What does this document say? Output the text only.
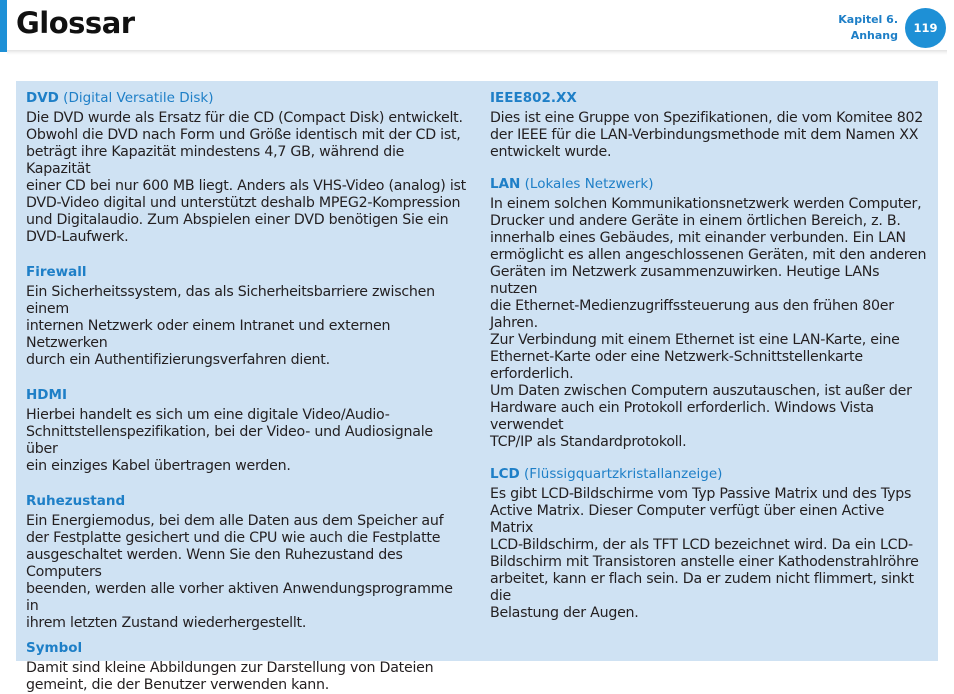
Glossar	Kapitel 6.
Anhang
119
DVD (Digital Versatile Disk)
Die DVD wurde als Ersatz für die CD (Compact Disk) entwickelt.
Obwohl die DVD nach Form und Größe identisch mit der CD ist,
beträgt ihre Kapazität mindestens 4,7 GB, während die Kapazität
einer CD bei nur 600 MB liegt. Anders als VHS-Video (analog) ist
DVD-Video digital und unterstützt deshalb MPEG2-Kompression
und Digitalaudio. Zum Abspielen einer DVD benötigen Sie ein
DVD-Laufwerk.
Firewall
Ein Sicherheitssystem, das als Sicherheitsbarriere zwischen einem
internen Netzwerk oder einem Intranet und externen Netzwerken
durch ein Authentifizierungsverfahren dient.
HDMI
Hierbei handelt es sich um eine digitale Video/Audio-
Schnittstellenspezifikation, bei der Video- und Audiosignale über
ein einziges Kabel übertragen werden.
Ruhezustand
Ein Energiemodus, bei dem alle Daten aus dem Speicher auf
der Festplatte gesichert und die CPU wie auch die Festplatte
ausgeschaltet werden. Wenn Sie den Ruhezustand des Computers
beenden, werden alle vorher aktiven Anwendungsprogramme in
ihrem letzten Zustand wiederhergestellt.
Symbol
Damit sind kleine Abbildungen zur Darstellung von Dateien
gemeint, die der Benutzer verwenden kann.
IEEE802.XX
Dies ist eine Gruppe von Spezifikationen, die vom Komitee 802
der IEEE für die LAN-Verbindungsmethode mit dem Namen XX
entwickelt wurde.
LAN (Lokales Netzwerk)
In einem solchen Kommunikationsnetzwerk werden Computer,
Drucker und andere Geräte in einem örtlichen Bereich, z. B.
innerhalb eines Gebäudes, mit einander verbunden. Ein LAN
ermöglicht es allen angeschlossenen Geräten, mit den anderen
Geräten im Netzwerk zusammenzuwirken. Heutige LANs nutzen
die Ethernet-Medienzugriffssteuerung aus den frühen 80er Jahren.
Zur Verbindung mit einem Ethernet ist eine LAN-Karte, eine
Ethernet-Karte oder eine Netzwerk-Schnittstellenkarte erforderlich.
Um Daten zwischen Computern auszutauschen, ist außer der
Hardware auch ein Protokoll erforderlich. Windows Vista verwendet
TCP/IP als Standardprotokoll.
LCD (Flüssigquartzkristallanzeige)
Es gibt LCD-Bildschirme vom Typ Passive Matrix und des Typs
Active Matrix. Dieser Computer verfügt über einen Active Matrix
LCD-Bildschirm, der als TFT LCD bezeichnet wird. Da ein LCD-
Bildschirm mit Transistoren anstelle einer Kathodenstrahlröhre
arbeitet, kann er flach sein. Da er zudem nicht flimmert, sinkt die
Belastung der Augen.
